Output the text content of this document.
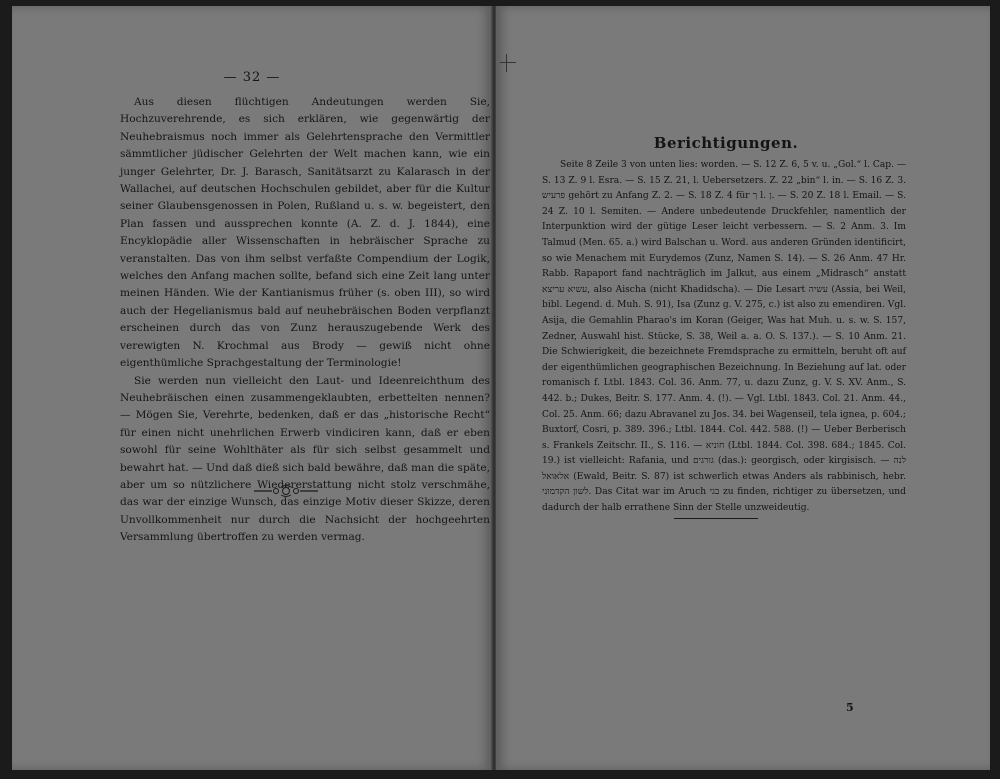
— 32 —

Aus diesen flüchtigen Andeutungen werden Sie, Hochzuverehrende, es sich erklären, wie gegenwärtig der Neuhebraismus noch immer als Gelehrtensprache den Vermittler sämmtlicher jüdischer Gelehrten der Welt machen kann, wie ein junger Gelehrter, Dr. J. Barasch, Sanitätsarzt zu Kalarasch in der Wallachei, auf deutschen Hochschulen gebildet, aber für die Kultur seiner Glaubensgenossen in Polen, Rußland u. s. w. begeistert, den Plan fassen und aussprechen konnte (A. Z. d. J. 1844), eine Encyklopädie aller Wissenschaften in hebräischer Sprache zu veranstalten. Das von ihm selbst verfaßte Compendium der Logik, welches den Anfang machen sollte, befand sich eine Zeit lang unter meinen Händen. Wie der Kantianismus früher (s. oben III), so wird auch der Hegelianismus bald auf neuhebräischen Boden verpflanzt erscheinen durch das von Zunz herauszugebende Werk des verewigten N. Krochmal aus Brody — gewiß nicht ohne eigenthümliche Sprachgestaltung der Terminologie!

Sie werden nun vielleicht den Laut- und Ideenreichthum des Neuhebräischen einen zusammengeklaubten, erbettelten nennen? — Mögen Sie, Verehrte, bedenken, daß er das „historische Recht“ für einen nicht unehrlichen Erwerb vindiciren kann, daß er eben sowohl für seine Wohlthäter als für sich selbst gesammelt und bewahrt hat. — Und daß dieß sich bald bewähre, daß man die späte, aber um so nützlichere Wiedererstattung nicht stolz verschmähe, das war der einzige Wunsch, das einzige Motiv dieser Skizze, deren Unvollkommenheit nur durch die Nachsicht der hochgeehrten Versammlung übertroffen zu werden vermag.

Berichtigungen.

Seite 8 Zeile 3 von unten lies: worden. — S. 12 Z. 6, 5 v. u. „Gol.“ l. Cap. — S. 13 Z. 9 l. Esra. — S. 15 Z. 21, l. Uebersetzers. Z. 22 „bin“ l. in. — S. 16 Z. 3. פרעיש gehört zu Anfang Z. 2. — S. 18 Z. 4 für ך l. ן. — S. 20 Z. 18 l. Email. — S. 24 Z. 10 l. Semiten. — Andere unbedeutende Druckfehler, namentlich der Interpunktion wird der gütige Leser leicht verbessern. — S. 2 Anm. 3. Im Talmud (Men. 65. a.) wird Balschan u. Word. aus anderen Gründen identificirt, so wie Menachem mit Eurydemos (Zunz, Namen S. 14). — S. 26 Anm. 47 Hr. Rabb. Rapaport fand nachträglich im Jalkut, aus einem „Midrasch“ anstatt עשיא עריצא, also Aischa (nicht Khadidscha). — Die Lesart עשיה (Assia, bei Weil, bibl. Legend. d. Muh. S. 91), Isa (Zunz g. V. 275, c.) ist also zu emendiren. Vgl. Asija, die Gemahlin Pharao's im Koran (Geiger, Was hat Muh. u. s. w. S. 157, Zedner, Auswahl hist. Stücke, S. 38, Weil a. a. O. S. 137.). — S. 10 Anm. 21. Die Schwierigkeit, die bezeichnete Fremdsprache zu ermitteln, beruht oft auf der eigenthümlichen geographischen Bezeichnung. In Beziehung auf lat. oder romanisch f. Ltbl. 1843. Col. 36. Anm. 77, u. dazu Zunz, g. V. S. XV. Anm., S. 442. b.; Dukes, Beitr. S. 177. Anm. 4. (!). — Vgl. Ltbl. 1843. Col. 21. Anm. 44., Col. 25. Anm. 66; dazu Abravanel zu Jos. 34. bei Wagenseil, tela ignea, p. 604.; Buxtorf, Cosri, p. 389. 396.; Ltbl. 1844. Col. 442. 588. (!) — Ueber Berberisch s. Frankels Zeitschr. II., S. 116. — חוניא (Ltbl. 1844. Col. 398. 684.; 1845. Col. 19.) ist vielleicht: Rafania, und גורגים (das.): georgisch, oder kirgisisch. — לנה אלאואל (Ewald, Beitr. S. 87) ist schwerlich etwas Anders als rabbinisch, hebr. לשון הקדמוני. Das Citat war im Aruch בגי zu finden, richtiger zu übersetzen, und dadurch der halb errathene Sinn der Stelle unzweideutig.

5
